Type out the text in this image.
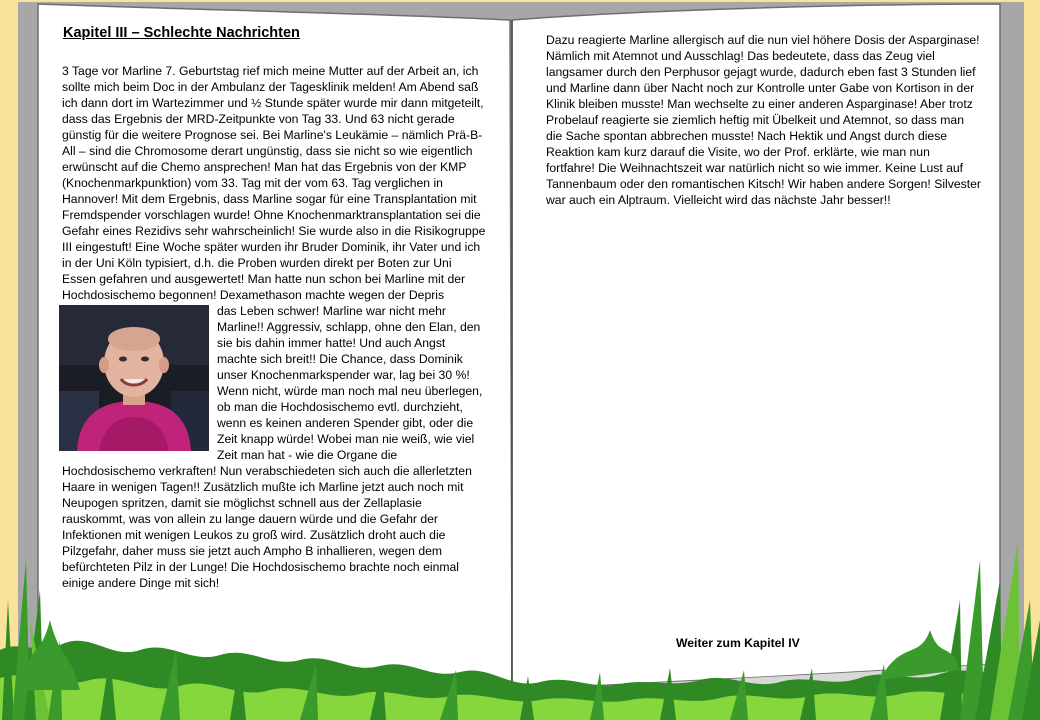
Kapitel III – Schlechte Nachrichten

3 Tage vor Marline 7. Geburtstag rief mich meine Mutter auf der Arbeit an, ich sollte mich beim Doc in der Ambulanz der Tagesklinik melden! Am Abend saß ich dann dort im Wartezimmer und ½ Stunde später wurde mir dann mitgeteilt, dass das Ergebnis der MRD-Zeitpunkte von Tag 33. Und 63 nicht gerade günstig für die weitere Prognose sei. Bei Marline's Leukämie – nämlich Prä-B-All – sind die Chromosome derart ungünstig, dass sie nicht so wie eigentlich erwünscht auf die Chemo ansprechen! Man hat das Ergebnis von der KMP (Knochenmarkpunktion) vom 33. Tag mit der vom 63. Tag verglichen in Hannover! Mit dem Ergebnis, dass Marline sogar für eine Transplantation mit Fremdspender vorschlagen wurde! Ohne Knochenmarktransplantation sei die Gefahr eines Rezidivs sehr wahrscheinlich! Sie wurde also in die Risikogruppe III eingestuft! Eine Woche später wurden ihr Bruder Dominik, ihr Vater und ich in der Uni Köln typisiert, d.h. die Proben wurden direkt per Boten zur Uni Essen gefahren und ausgewertet! Man hatte nun schon bei Marline mit der Hochdosischemo begonnen! Dexamethason machte wegen der Depris

das Leben schwer! Marline war nicht mehr Marline!! Aggressiv, schlapp, ohne den Elan, den sie bis dahin immer hatte! Und auch Angst machte sich breit!! Die Chance, dass Dominik unser Knochenmarkspender war, lag bei 30 %! Wenn nicht, würde man noch mal neu überlegen, ob man die Hochdosischemo evtl. durchzieht, wenn es keinen anderen Spender gibt, oder die Zeit knapp würde! Wobei man nie weiß, wie viel Zeit man hat - wie die Organe die Hochdosischemo verkraften! Nun verabschiedeten sich auch die allerletzten Haare in wenigen Tagen!! Zusätzlich mußte ich Marline jetzt auch noch mit Neupogen spritzen, damit sie möglichst schnell aus der Zellaplasie rauskommt, was von allein zu lange dauern würde und die Gefahr der Infektionen mit wenigen Leukos zu groß wird. Zusätzlich droht auch die Pilzgefahr, daher muss sie jetzt auch Ampho B inhallieren, wegen dem befürchteten Pilz in der Lunge! Die Hochdosischemo brachte noch einmal einige andere Dinge mit sich!

Dazu reagierte Marline allergisch auf die nun viel höhere Dosis der Asparginase! Nämlich mit Atemnot und Ausschlag! Das bedeutete, dass das Zeug viel langsamer durch den Perphusor gejagt wurde, dadurch eben fast 3 Stunden lief und Marline dann über Nacht noch zur Kontrolle unter Gabe von Kortison in der Klinik bleiben musste! Man wechselte zu einer anderen Asparginase! Aber trotz Probelauf reagierte sie ziemlich heftig mit Übelkeit und Atemnot, so dass man die Sache spontan abbrechen musste! Nach Hektik und Angst durch diese Reaktion kam kurz darauf die Visite, wo der Prof. erklärte, wie man nun fortfahre! Die Weihnachtszeit war natürlich nicht so wie immer. Keine Lust auf Tannenbaum oder den romantischen Kitsch! Wir haben andere Sorgen! Silvester war auch ein Alptraum. Vielleicht wird das nächste Jahr besser!!

Weiter zum Kapitel IV
